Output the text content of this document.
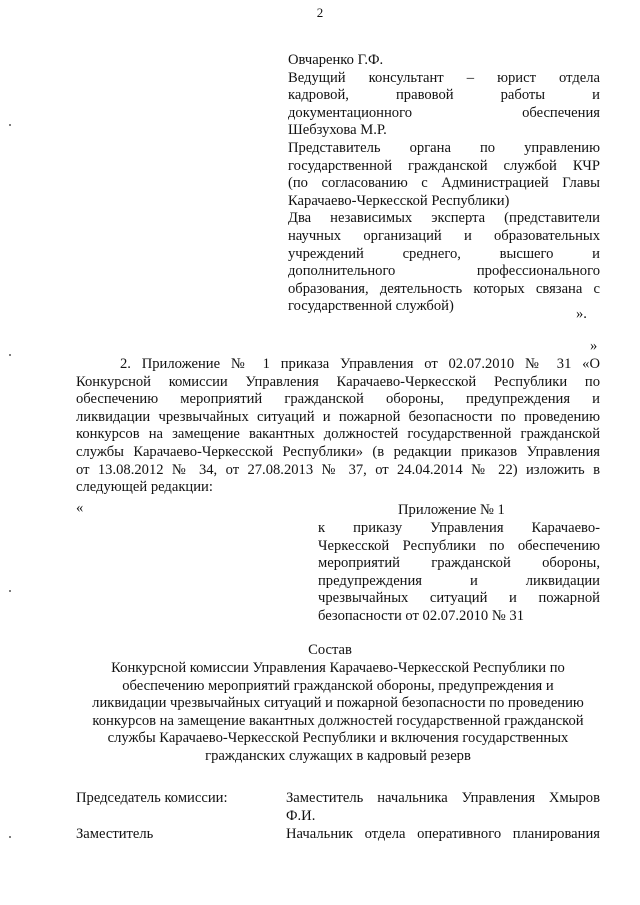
2
Овчаренко Г.Ф.
Ведущий консультант – юрист отдела
кадровой, правовой работы и
документационного обеспечения
Шебзухова М.Р.
Представитель органа по управлению
государственной гражданской службой КЧР
(по согласованию с Администрацией Главы
Карачаево-Черкесской Республики)
Два независимых эксперта (представители
научных организаций и образовательных
учреждений среднего, высшего и
дополнительного профессионального
образования, деятельность которых связана с
государственной службой)	».
»
2. Приложение № 1 приказа Управления от 02.07.2010 № 31 «О
Конкурсной комиссии Управления Карачаево-Черкесской Республики по
обеспечению мероприятий гражданской обороны, предупреждения и
ликвидации чрезвычайных ситуаций и пожарной безопасности по проведению
конкурсов на замещение вакантных должностей государственной гражданской
службы Карачаево-Черкесской Республики» (в редакции приказов Управления
от 13.08.2012 № 34, от 27.08.2013 № 37, от 24.04.2014 № 22) изложить в
следующей редакции:
«	Приложение № 1
к приказу Управления Карачаево-
Черкесской Республики по обеспечению
мероприятий гражданской обороны,
предупреждения и ликвидации
чрезвычайных ситуаций и пожарной
безопасности от 02.07.2010 № 31
Состав
Конкурсной комиссии Управления Карачаево-Черкесской Республики по
обеспечению мероприятий гражданской обороны, предупреждения и
ликвидации чрезвычайных ситуаций и пожарной безопасности по проведению
конкурсов на замещение вакантных должностей государственной гражданской
службы Карачаево-Черкесской Республики и включения государственных
гражданских служащих в кадровый резерв
Председатель комиссии:	Заместитель начальника Управления Хмыров
Ф.И.
Заместитель	Начальник отдела оперативного планирования
